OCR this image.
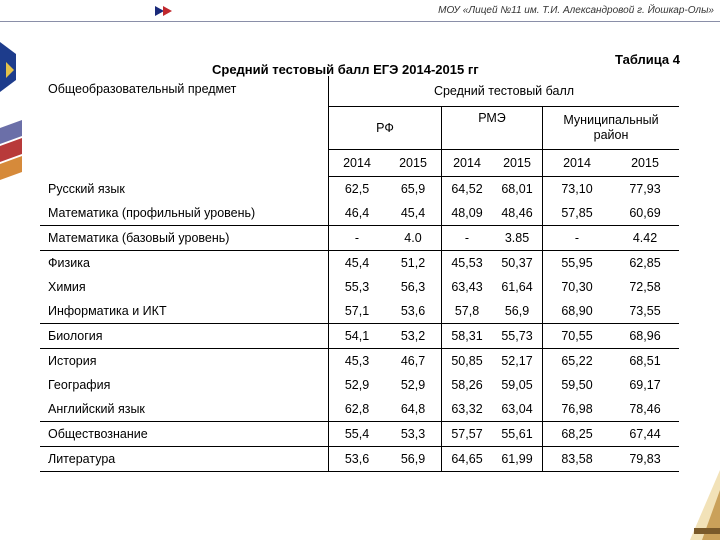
МОУ «Лицей №11 им. Т.И. Александровой г. Йошкар-Олы»
Таблица 4
Средний тестовый балл ЕГЭ 2014-2015 гг
Общеобразовательный предмет	Средний тестовый балл					
	РФ		РМЭ		Муниципальный район	
	2014	2015	2014	2015	2014	2015
Русский язык	62,5	65,9	64,52	68,01	73,10	77,93
Математика (профильный уровень)	46,4	45,4	48,09	48,46	57,85	60,69
Математика (базовый уровень)	-	4.0	-	3.85	-	4.42
Физика	45,4	51,2	45,53	50,37	55,95	62,85
Химия	55,3	56,3	63,43	61,64	70,30	72,58
Информатика и ИКТ	57,1	53,6	57,8	56,9	68,90	73,55
Биология	54,1	53,2	58,31	55,73	70,55	68,96
История	45,3	46,7	50,85	52,17	65,22	68,51
География	52,9	52,9	58,26	59,05	59,50	69,17
Английский язык	62,8	64,8	63,32	63,04	76,98	78,46
Обществознание	55,4	53,3	57,57	55,61	68,25	67,44
Литература	53,6	56,9	64,65	61,99	83,58	79,83
